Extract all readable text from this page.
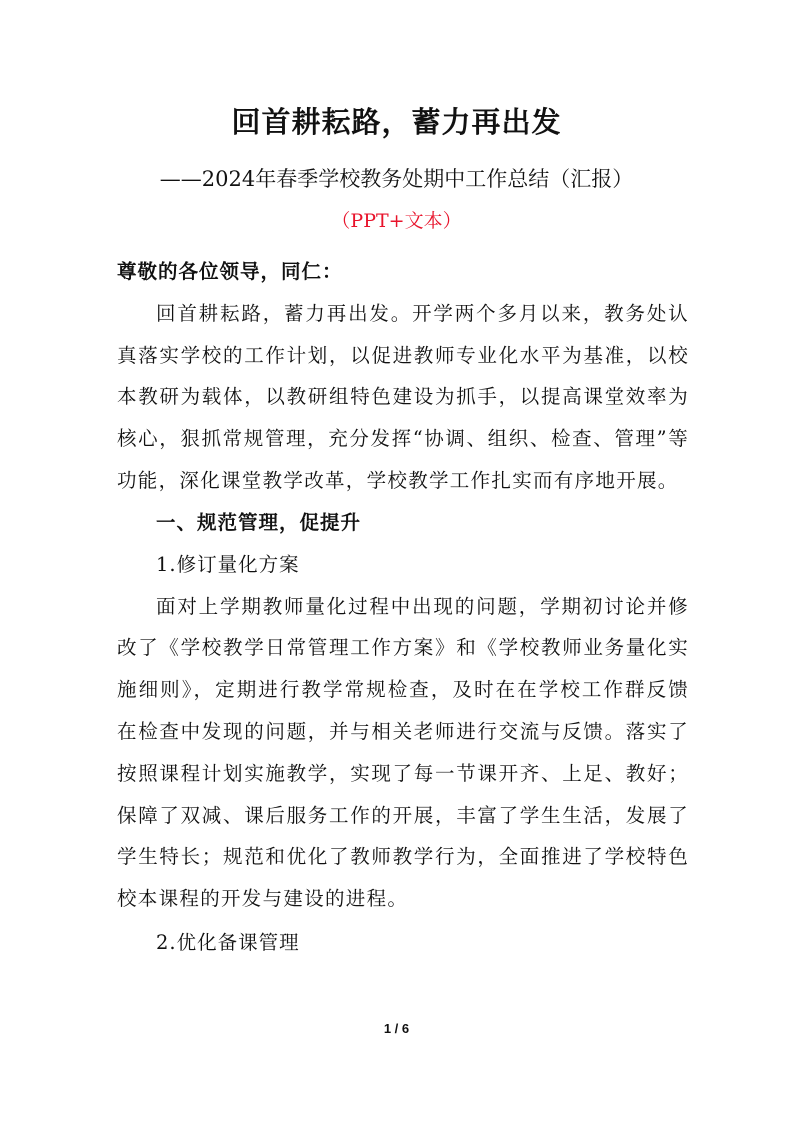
回首耕耘路，蓄力再出发
——2024年春季学校教务处期中工作总结（汇报）
（PPT+文本）

尊敬的各位领导，同仁：

回首耕耘路，蓄力再出发。开学两个多月以来，教务处认真落实学校的工作计划，以促进教师专业化水平为基准，以校本教研为载体，以教研组特色建设为抓手，以提高课堂效率为核心，狠抓常规管理，充分发挥“协调、组织、检查、管理”等功能，深化课堂教学改革，学校教学工作扎实而有序地开展。

一、规范管理，促提升

1.修订量化方案

面对上学期教师量化过程中出现的问题，学期初讨论并修改了《学校教学日常管理工作方案》和《学校教师业务量化实施细则》，定期进行教学常规检查，及时在在学校工作群反馈在检查中发现的问题，并与相关老师进行交流与反馈。落实了按照课程计划实施教学，实现了每一节课开齐、上足、教好；保障了双减、课后服务工作的开展，丰富了学生生活，发展了学生特长；规范和优化了教师教学行为，全面推进了学校特色校本课程的开发与建设的进程。

2.优化备课管理

1 / 6
